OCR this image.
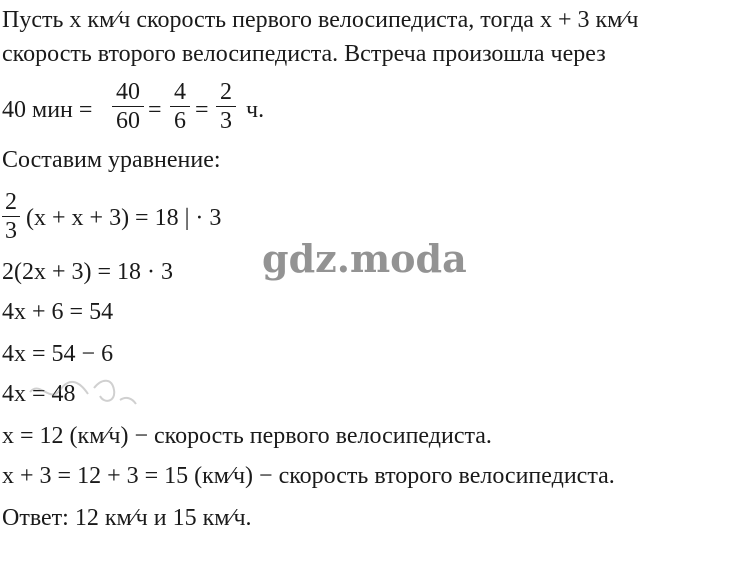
Пусть x км⁄ч скорость первого велосипедиста, тогда x + 3 км⁄ч
скорость второго велосипедиста. Встреча произошла через
40 мин =
40
60 =
4
6 =
2
3 ч.
Составим уравнение:
2
3 (x + x + 3) = 18 | · 3
2(2x + 3) = 18 · 3
4x + 6 = 54
4x = 54 − 6
4x = 48
x = 12 (км⁄ч) − скорость первого велосипедиста.
x + 3 = 12 + 3 = 15 (км⁄ч) − скорость второго велосипедиста.
Ответ: 12 км⁄ч и 15 км⁄ч.
gdz.moda
